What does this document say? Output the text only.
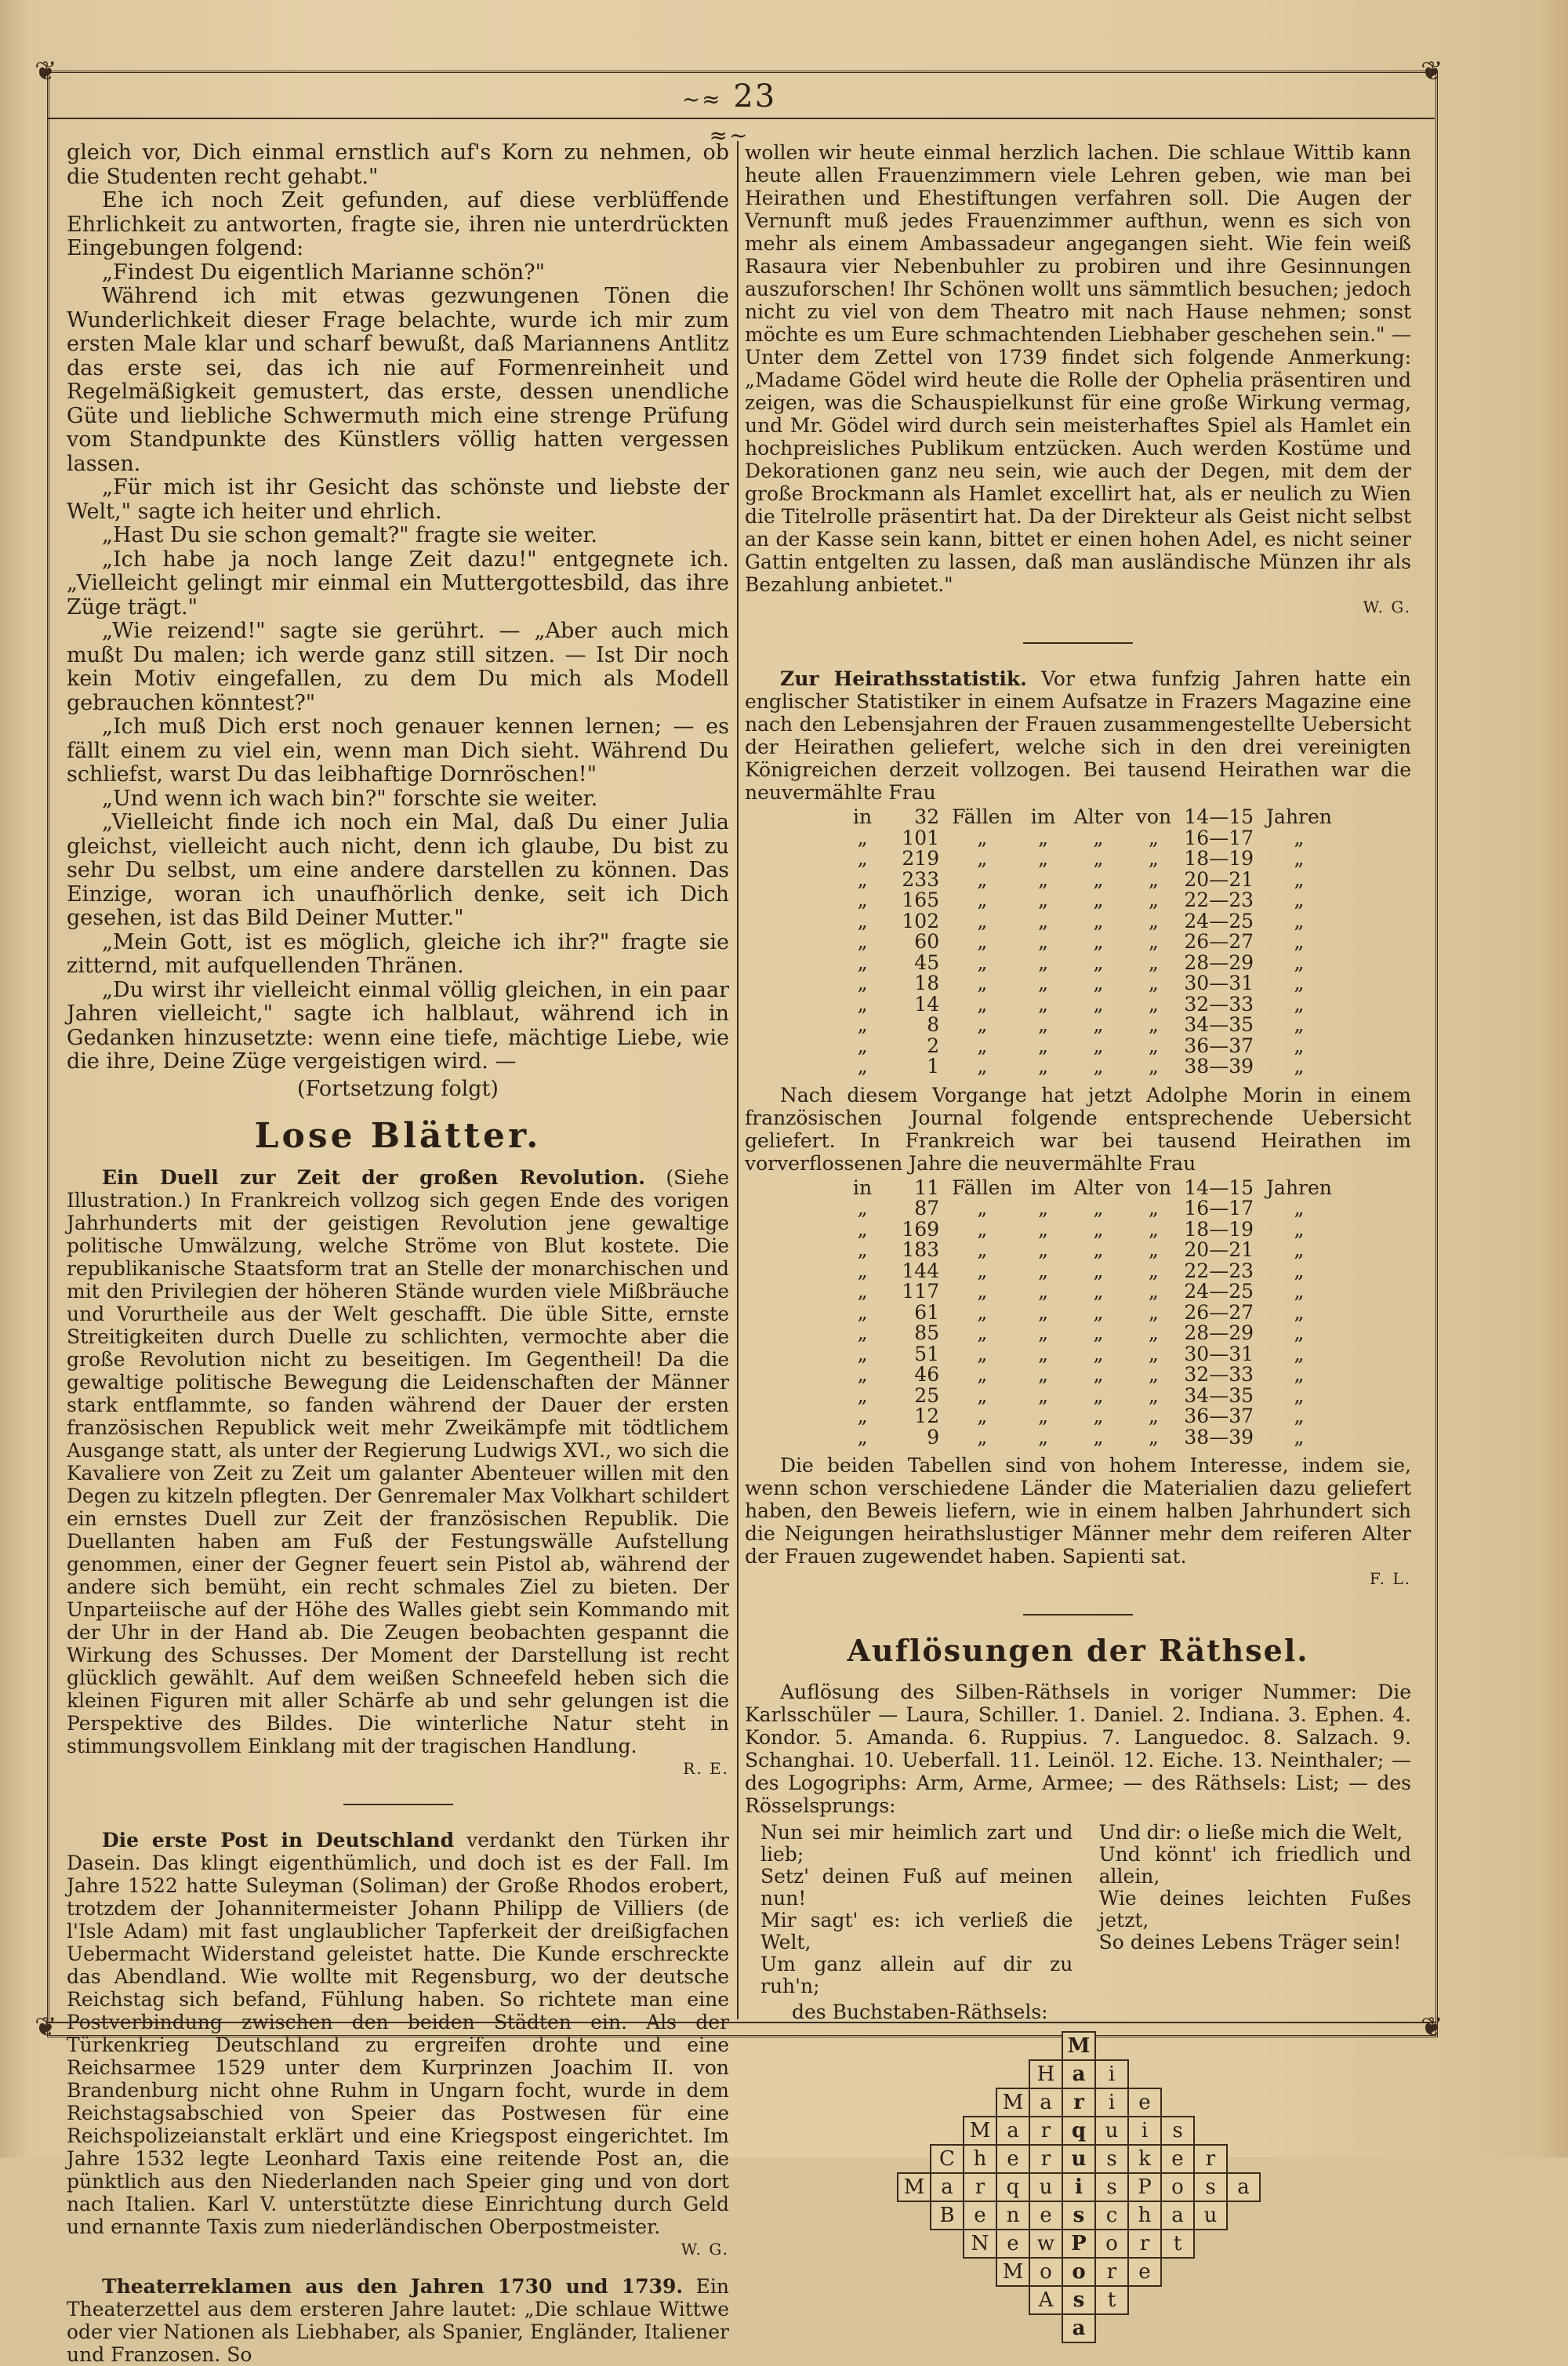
❦	❦
❦	❦
~≈ 23 ≈~

gleich vor, Dich einmal ernstlich auf's Korn zu nehmen, ob die Studenten recht gehabt."

Ehe ich noch Zeit gefunden, auf diese verblüffende Ehrlichkeit zu antworten, fragte sie, ihren nie unterdrückten Eingebungen folgend:

„Findest Du eigentlich Marianne schön?"

Während ich mit etwas gezwungenen Tönen die Wunderlichkeit dieser Frage belachte, wurde ich mir zum ersten Male klar und scharf bewußt, daß Mariannens Antlitz das erste sei, das ich nie auf Formenreinheit und Regelmäßigkeit gemustert, das erste, dessen unendliche Güte und liebliche Schwermuth mich eine strenge Prüfung vom Standpunkte des Künstlers völlig hatten vergessen lassen.

„Für mich ist ihr Gesicht das schönste und liebste der Welt," sagte ich heiter und ehrlich.

„Hast Du sie schon gemalt?" fragte sie weiter.

„Ich habe ja noch lange Zeit dazu!" entgegnete ich. „Vielleicht gelingt mir einmal ein Muttergottesbild, das ihre Züge trägt."

„Wie reizend!" sagte sie gerührt. — „Aber auch mich mußt Du malen; ich werde ganz still sitzen. — Ist Dir noch kein Motiv eingefallen, zu dem Du mich als Modell gebrauchen könntest?"

„Ich muß Dich erst noch genauer kennen lernen; — es fällt einem zu viel ein, wenn man Dich sieht. Während Du schliefst, warst Du das leibhaftige Dornröschen!"

„Und wenn ich wach bin?" forschte sie weiter.

„Vielleicht finde ich noch ein Mal, daß Du einer Julia gleichst, vielleicht auch nicht, denn ich glaube, Du bist zu sehr Du selbst, um eine andere darstellen zu können. Das Einzige, woran ich unaufhörlich denke, seit ich Dich gesehen, ist das Bild Deiner Mutter."

„Mein Gott, ist es möglich, gleiche ich ihr?" fragte sie zitternd, mit aufquellenden Thränen.

„Du wirst ihr vielleicht einmal völlig gleichen, in ein paar Jahren vielleicht," sagte ich halblaut, während ich in Gedanken hinzusetzte: wenn eine tiefe, mächtige Liebe, wie die ihre, Deine Züge vergeistigen wird. —

(Fortsetzung folgt)

Lose Blätter.

Ein Duell zur Zeit der großen Revolution. (Siehe Illustration.) In Frankreich vollzog sich gegen Ende des vorigen Jahrhunderts mit der geistigen Revolution jene gewaltige politische Umwälzung, welche Ströme von Blut kostete. Die republikanische Staatsform trat an Stelle der monarchischen und mit den Privilegien der höheren Stände wurden viele Mißbräuche und Vorurtheile aus der Welt geschafft. Die üble Sitte, ernste Streitigkeiten durch Duelle zu schlichten, vermochte aber die große Revolution nicht zu beseitigen. Im Gegentheil! Da die gewaltige politische Bewegung die Leidenschaften der Männer stark entflammte, so fanden während der Dauer der ersten französischen Republick weit mehr Zweikämpfe mit tödtlichem Ausgange statt, als unter der Regierung Ludwigs XVI., wo sich die Kavaliere von Zeit zu Zeit um galanter Abenteuer willen mit den Degen zu kitzeln pflegten. Der Genremaler Max Volkhart schildert ein ernstes Duell zur Zeit der französischen Republik. Die Duellanten haben am Fuß der Festungswälle Aufstellung genommen, einer der Gegner feuert sein Pistol ab, während der andere sich bemüht, ein recht schmales Ziel zu bieten. Der Unparteiische auf der Höhe des Walles giebt sein Kommando mit der Uhr in der Hand ab. Die Zeugen beobachten gespannt die Wirkung des Schusses. Der Moment der Darstellung ist recht glücklich gewählt. Auf dem weißen Schneefeld heben sich die kleinen Figuren mit aller Schärfe ab und sehr gelungen ist die Perspektive des Bildes. Die winterliche Natur steht in stimmungsvollem Einklang mit der tragischen Handlung.

R. E.

Die erste Post in Deutschland verdankt den Türken ihr Dasein. Das klingt eigenthümlich, und doch ist es der Fall. Im Jahre 1522 hatte Suleyman (Soliman) der Große Rhodos erobert, trotzdem der Johannitermeister Johann Philipp de Villiers (de l'Isle Adam) mit fast unglaublicher Tapferkeit der dreißigfachen Uebermacht Widerstand geleistet hatte. Die Kunde erschreckte das Abendland. Wie wollte mit Regensburg, wo der deutsche Reichstag sich befand, Fühlung haben. So richtete man eine Postverbindung zwischen den beiden Städten ein. Als der Türkenkrieg Deutschland zu ergreifen drohte und eine Reichsarmee 1529 unter dem Kurprinzen Joachim II. von Brandenburg nicht ohne Ruhm in Ungarn focht, wurde in dem Reichstagsabschied von Speier das Postwesen für eine Reichspolizeianstalt erklärt und eine Kriegspost eingerichtet. Im Jahre 1532 legte Leonhard Taxis eine reitende Post an, die pünktlich aus den Niederlanden nach Speier ging und von dort nach Italien. Karl V. unterstützte diese Einrichtung durch Geld und ernannte Taxis zum niederländischen Oberpostmeister.

W. G.

Theaterreklamen aus den Jahren 1730 und 1739. Ein Theaterzettel aus dem ersteren Jahre lautet: „Die schlaue Wittwe oder vier Nationen als Liebhaber, als Spanier, Engländer, Italiener und Franzosen. So

wollen wir heute einmal herzlich lachen. Die schlaue Wittib kann heute allen Frauenzimmern viele Lehren geben, wie man bei Heirathen und Ehestiftungen verfahren soll. Die Augen der Vernunft muß jedes Frauenzimmer aufthun, wenn es sich von mehr als einem Ambassadeur angegangen sieht. Wie fein weiß Rasaura vier Nebenbuhler zu probiren und ihre Gesinnungen auszuforschen! Ihr Schönen wollt uns sämmtlich besuchen; jedoch nicht zu viel von dem Theatro mit nach Hause nehmen; sonst möchte es um Eure schmachtenden Liebhaber geschehen sein." — Unter dem Zettel von 1739 findet sich folgende Anmerkung: „Madame Gödel wird heute die Rolle der Ophelia präsentiren und zeigen, was die Schauspielkunst für eine große Wirkung vermag, und Mr. Gödel wird durch sein meisterhaftes Spiel als Hamlet ein hochpreisliches Publikum entzücken. Auch werden Kostüme und Dekorationen ganz neu sein, wie auch der Degen, mit dem der große Brockmann als Hamlet excellirt hat, als er neulich zu Wien die Titelrolle präsentirt hat. Da der Direkteur als Geist nicht selbst an der Kasse sein kann, bittet er einen hohen Adel, es nicht seiner Gattin entgelten zu lassen, daß man ausländische Münzen ihr als Bezahlung anbietet."

W. G.

Zur Heirathsstatistik. Vor etwa funfzig Jahren hatte ein englischer Statistiker in einem Aufsatze in Frazers Magazine eine nach den Lebensjahren der Frauen zusammengestellte Uebersicht der Heirathen geliefert, welche sich in den drei vereinigten Königreichen derzeit vollzogen. Bei tausend Heirathen war die neuvermählte Frau

in	32	Fällen	im	Alter	von	14—15	Jahren
„	101	„	„	„	„	16—17	„
„	219	„	„	„	„	18—19	„
„	233	„	„	„	„	20—21	„
„	165	„	„	„	„	22—23	„
„	102	„	„	„	„	24—25	„
„	60	„	„	„	„	26—27	„
„	45	„	„	„	„	28—29	„
„	18	„	„	„	„	30—31	„
„	14	„	„	„	„	32—33	„
„	8	„	„	„	„	34—35	„
„	2	„	„	„	„	36—37	„
„	1	„	„	„	„	38—39	„

Nach diesem Vorgange hat jetzt Adolphe Morin in einem französischen Journal folgende entsprechende Uebersicht geliefert. In Frankreich war bei tausend Heirathen im vorverflossenen Jahre die neuvermählte Frau

in	11	Fällen	im	Alter	von	14—15	Jahren
„	87	„	„	„	„	16—17	„
„	169	„	„	„	„	18—19	„
„	183	„	„	„	„	20—21	„
„	144	„	„	„	„	22—23	„
„	117	„	„	„	„	24—25	„
„	61	„	„	„	„	26—27	„
„	85	„	„	„	„	28—29	„
„	51	„	„	„	„	30—31	„
„	46	„	„	„	„	32—33	„
„	25	„	„	„	„	34—35	„
„	12	„	„	„	„	36—37	„
„	9	„	„	„	„	38—39	„

Die beiden Tabellen sind von hohem Interesse, indem sie, wenn schon verschiedene Länder die Materialien dazu geliefert haben, den Beweis liefern, wie in einem halben Jahrhundert sich die Neigungen heirathslustiger Männer mehr dem reiferen Alter der Frauen zugewendet haben. Sapienti sat.

F. L.
Auflösungen der Räthsel.

Auflösung des Silben-Räthsels in voriger Nummer: Die Karlsschüler — Laura, Schiller. 1. Daniel. 2. Indiana. 3. Ephen. 4. Kondor. 5. Amanda. 6. Ruppius. 7. Languedoc. 8. Salzach. 9. Schanghai. 10. Ueberfall. 11. Leinöl. 12. Eiche. 13. Neinthaler; — des Logogriphs: Arm, Arme, Armee; — des Räthsels: List; — des Rösselsprungs:

Nun sei mir heimlich zart und lieb;
Setz' deinen Fuß auf meinen nun!
Mir sagt' es: ich verließ die Welt,
Um ganz allein auf dir zu ruh'n;
Und dir: o ließe mich die Welt,
Und könnt' ich friedlich und allein,
Wie deines leichten Fußes jetzt,
So deines Lebens Träger sein!

des Buchstaben-Räthsels:

M
H a	i
M a	r	i	e
M a	r	q u	i	s
C h e	r	u s	k	e	r
M a	r	q u	i	s	P o	s	a
B e n e	s	c	h a u
N e w P o	r	t
M o o	r	e
A s	t
a
